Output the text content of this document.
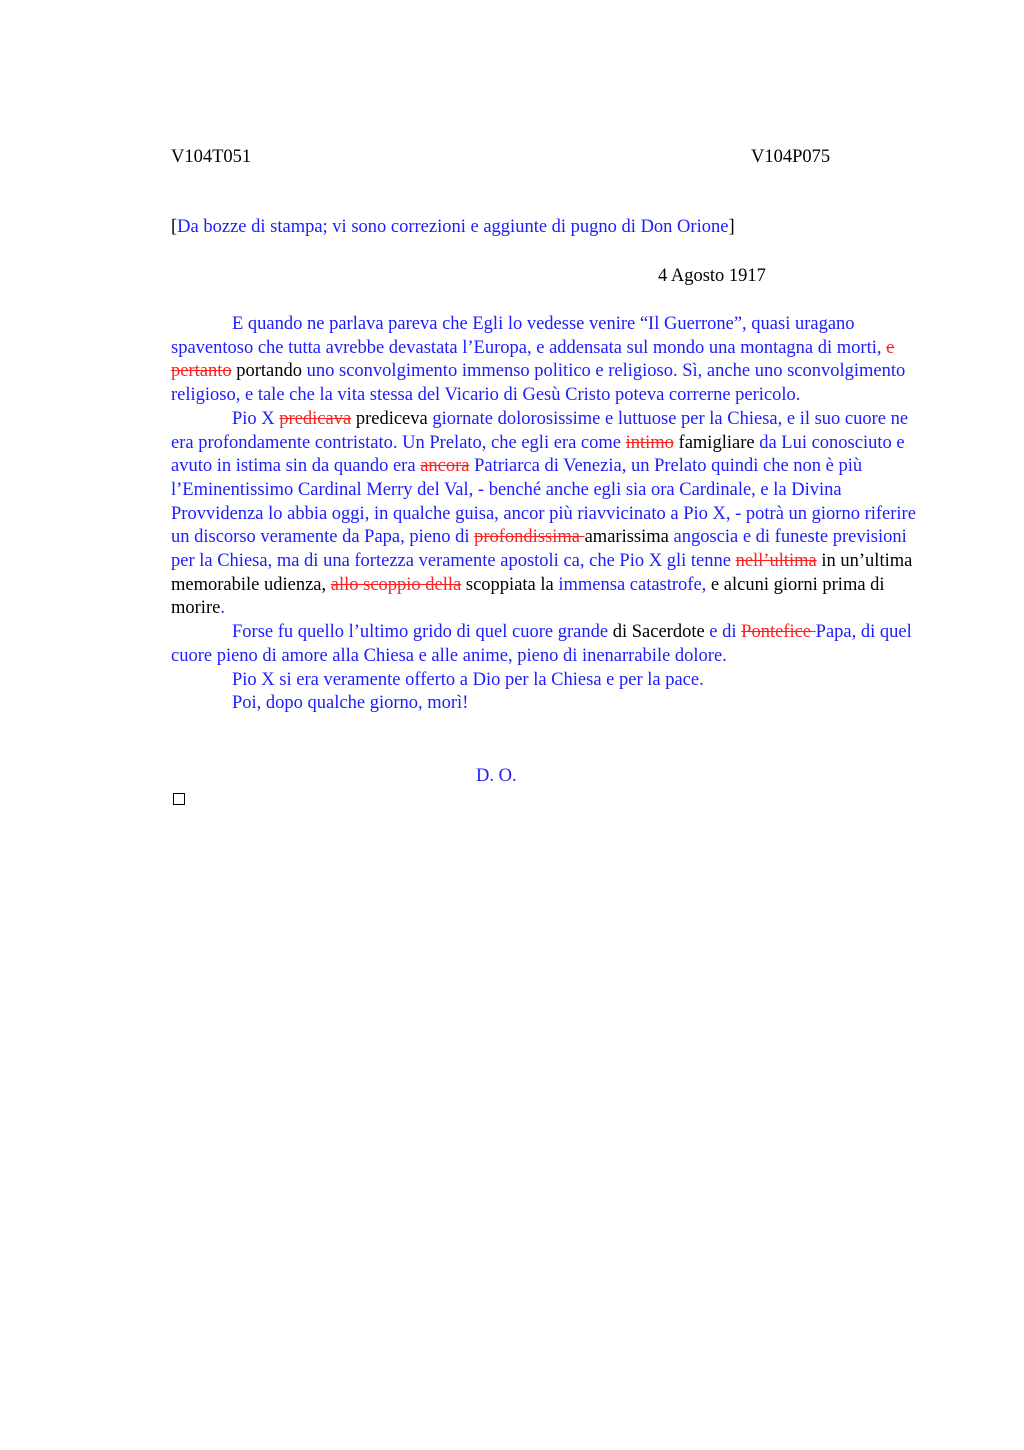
V104T051	V104P075
[Da bozze di stampa; vi sono correzioni e aggiunte di pugno di Don Orione]
4 Agosto 1917

E quando ne parlava pareva che Egli lo vedesse venire “Il Guerrone”, quasi uragano spaventoso che tutta avrebbe devastata l’Europa, e addensata sul mondo una montagna di morti, e pertanto portando uno sconvolgimento immenso politico e religioso. Sì, anche uno sconvolgimento religioso, e tale che la vita stessa del Vicario di Gesù Cristo poteva correrne pericolo.

Pio X predicava prediceva giornate dolorosissime e luttuose per la Chiesa, e il suo cuore ne era profondamente contristato. Un Prelato, che egli era come intimo famigliare da Lui conosciuto e avuto in istima sin da quando era ancora Patriarca di Venezia, un Prelato quindi che non è più l’Eminentissimo Cardinal Merry del Val, - benché anche egli sia ora Cardinale, e la Divina Provvidenza lo abbia oggi, in qualche guisa, ancor più riavvicinato a Pio X, - potrà un giorno riferire un discorso veramente da Papa, pieno di profondissima amarissima angoscia e di funeste previsioni per la Chiesa, ma di una fortezza veramente apostoli ca, che Pio X gli tenne nell’ultima in un’ultima memorabile udienza, allo scoppio della scoppiata la immensa catastrofe, e alcuni giorni prima di morire.

Forse fu quello l’ultimo grido di quel cuore grande di Sacerdote e di Pontefice Papa, di quel cuore pieno di amore alla Chiesa e alle anime, pieno di inenarrabile dolore.

Pio X si era veramente offerto a Dio per la Chiesa e per la pace.

Poi, dopo qualche giorno, morì!

D. O.
